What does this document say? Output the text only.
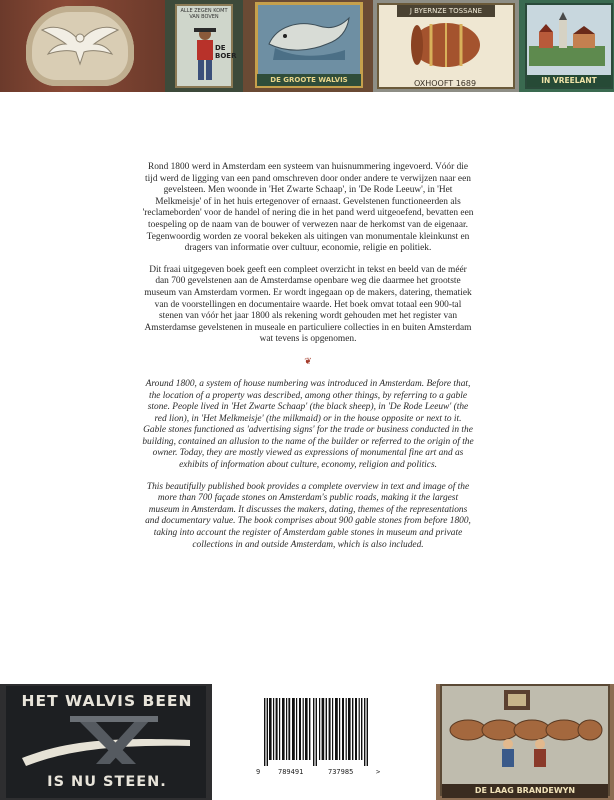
ALLE ZEGEN KOMT VAN BOVEN
DE BOER
DE GROOTE WALVIS
J BYERNZE TOSSANE
OXHOOFT 1689	IN VREELANT

Rond 1800 werd in Amsterdam een systeem van huisnummering ingevoerd. Vóór die tijd werd de ligging van een pand omschreven door onder andere te verwijzen naar een gevelsteen. Men woonde in 'Het Zwarte Schaap', in 'De Rode Leeuw', in 'Het Melkmeisje' of in het huis ertegenover of ernaast. Gevelstenen functioneerden als 'reclameborden' voor de handel of nering die in het pand werd uitgeoefend, bevatten een toespeling op de naam van de bouwer of verwezen naar de herkomst van de eigenaar. Tegenwoordig worden ze vooral bekeken als uitingen van monumentale kleinkunst en dragers van informatie over cultuur, economie, religie en politiek.

Dit fraai uitgegeven boek geeft een compleet overzicht in tekst en beeld van de méér dan 700 gevelstenen aan de Amsterdamse openbare weg die daarmee het grootste museum van Amsterdam vormen. Er wordt ingegaan op de makers, datering, thematiek van de voorstellingen en documentaire waarde. Het boek omvat totaal een 900-tal stenen van vóór het jaar 1800 als rekening wordt gehouden met het register van Amsterdamse gevelstenen in museale en particuliere collecties in en buiten Amsterdam wat tevens is opgenomen.

❦

Around 1800, a system of house numbering was introduced in Amsterdam. Before that, the location of a property was described, among other things, by referring to a gable stone. People lived in 'Het Zwarte Schaap' (the black sheep), in 'De Rode Leeuw' (the red lion), in 'Het Melkmeisje' (the milkmaid) or in the house opposite or next to it. Gable stones functioned as 'advertising signs' for the trade or business conducted in the building, contained an allusion to the name of the builder or referred to the origin of the owner. Today, they are mostly viewed as expressions of monumental fine art and as exhibits of information about culture, economy, religion and politics.

This beautifully published book provides a complete overview in text and image of the more than 700 façade stones on Amsterdam's public roads, making it the largest museum in Amsterdam. It discusses the makers, dating, themes of the representations and documentary value. The book comprises about 900 gable stones from before 1800, taking into account the register of Amsterdam gable stones in museum and private collections in and outside Amsterdam, which is also included.

HET WALVIS BEEN
IS NU STEEN.
9	789491	737985	>
DE LAAG BRANDEWYN
